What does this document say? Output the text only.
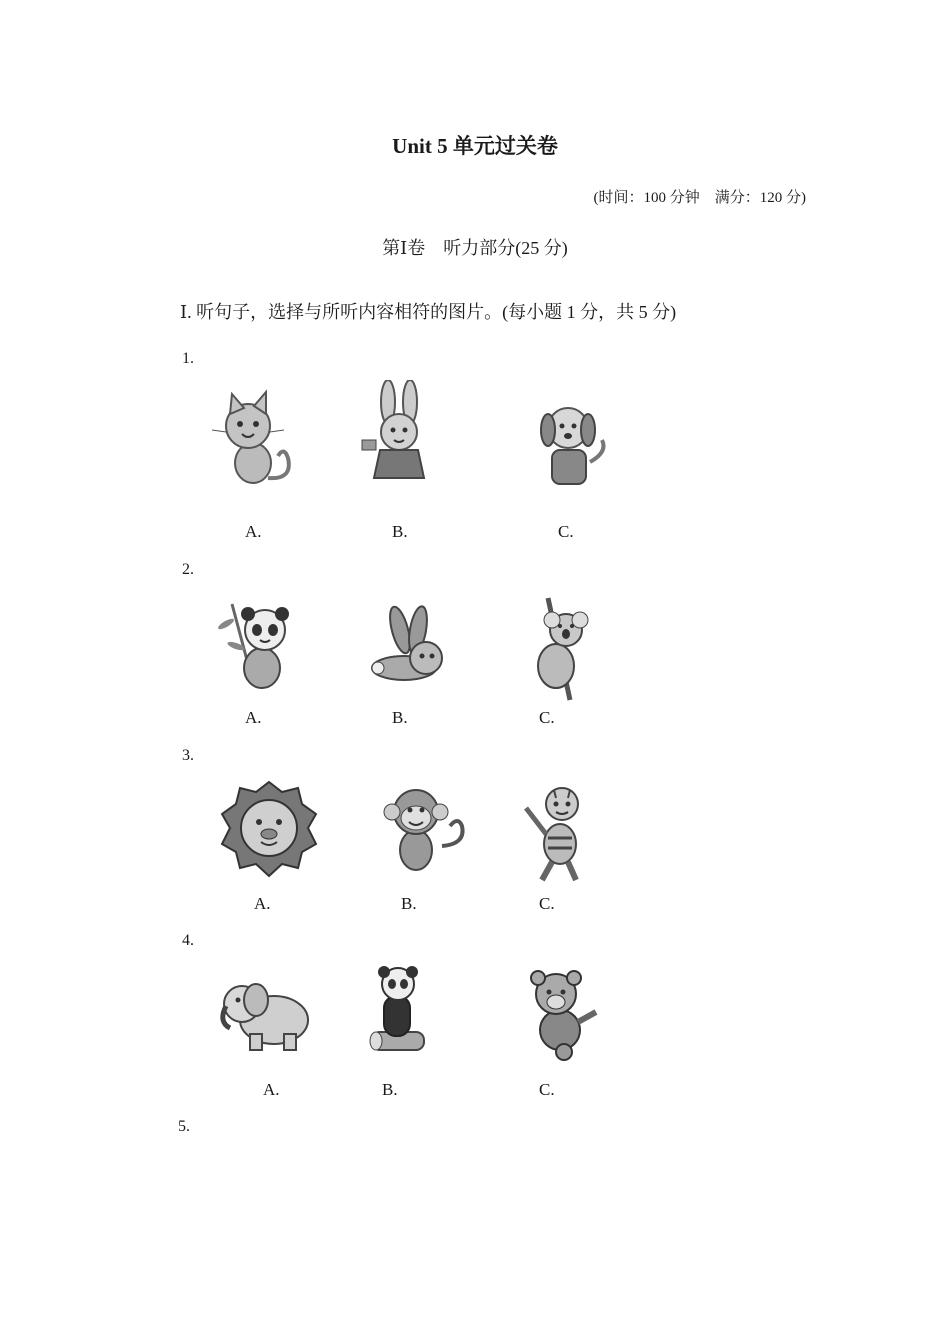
Unit 5 单元过关卷
(时间：100 分钟　满分：120 分)
第Ⅰ卷　听力部分(25 分)
Ⅰ. 听句子，选择与所听内容相符的图片。(每小题 1 分，共 5 分)
1.
A.	B.	C.
2.
A.	B.	C.
3.
A.	B.	C.
4.
A.	B.	C.
5.
